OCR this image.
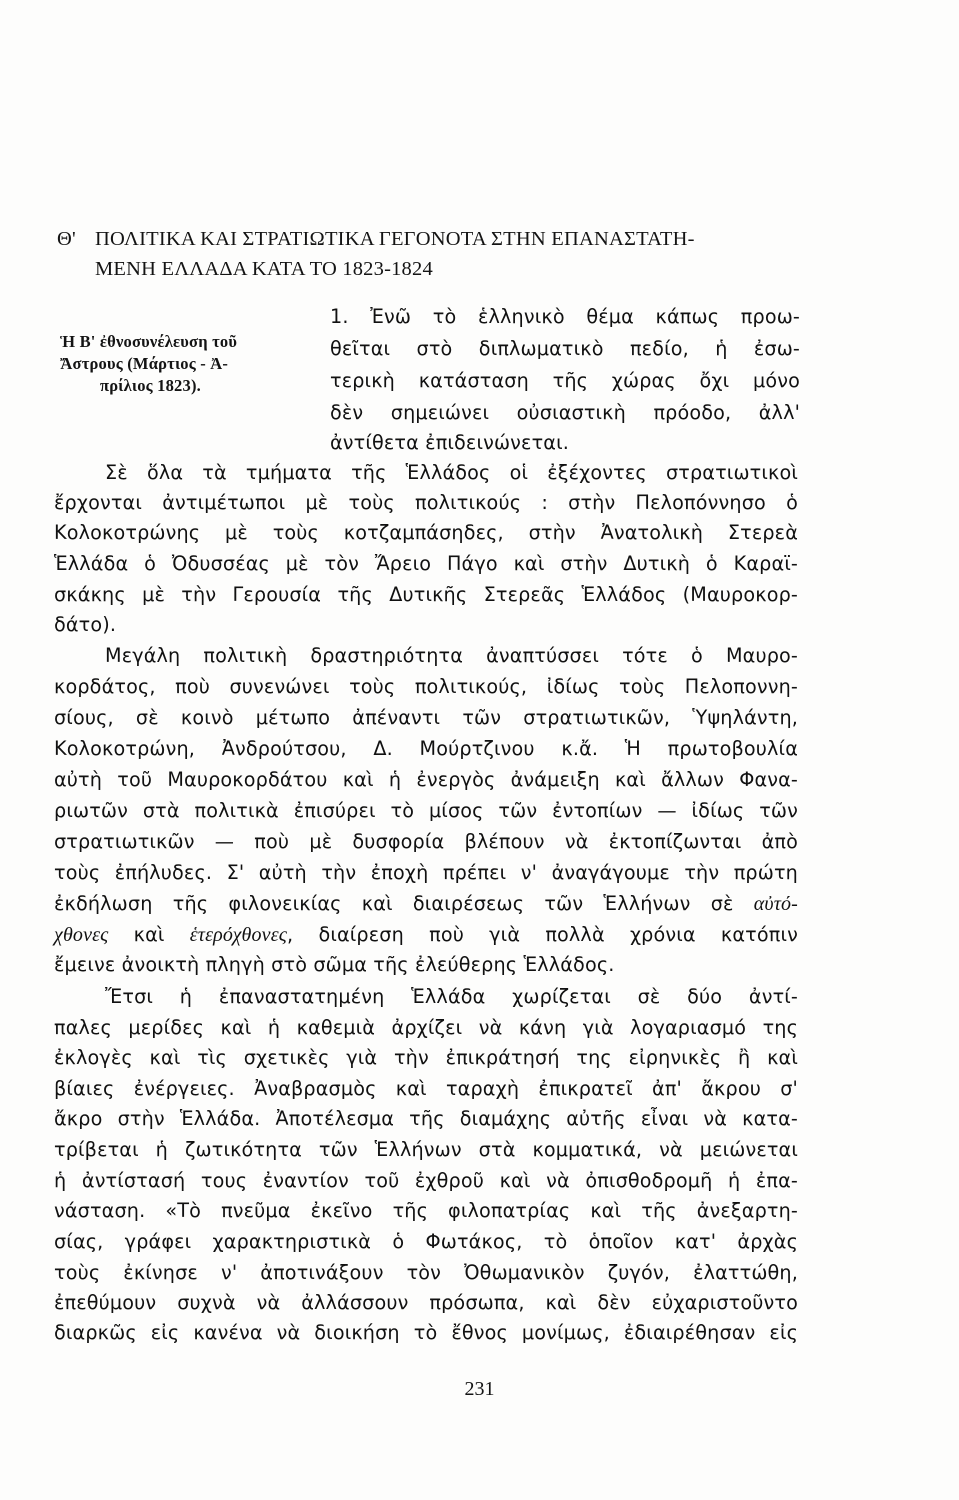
Θ' ΠΟΛΙΤΙΚΑ ΚΑΙ ΣΤΡΑΤΙΩΤΙΚΑ ΓΕΓΟΝΟΤΑ ΣΤΗΝ ΕΠΑΝΑΣΤΑΤΗ-
ΜΕΝΗ ΕΛΛΑΔΑ ΚΑΤΑ ΤΟ 1823-1824
Ἡ Β' ἐθνοσυνέλευση τοῦ
Ἄστρους (Μάρτιος - Ἀ-
πρίλιος 1823).
1. Ἐνῶ τὸ ἑλληνικὸ θέμα κάπως προω-
θεῖται στὸ διπλωματικὸ πεδίο, ἡ ἐσω-
τερικὴ κατάσταση τῆς χώρας ὄχι μόνο
δὲν σημειώνει οὐσιαστικὴ πρόοδο, ἀλλ'
ἀντίθετα ἐπιδεινώνεται.
Σὲ ὅλα τὰ τμήματα τῆς Ἑλλάδος οἱ ἐξέχοντες στρατιωτικοὶ
ἔρχονται ἀντιμέτωποι μὲ τοὺς πολιτικούς : στὴν Πελοπόννησο ὁ
Κολοκοτρώνης μὲ τοὺς κοτζαμπάσηδες, στὴν Ἀνατολικὴ Στερεὰ
Ἑλλάδα ὁ Ὀδυσσέας μὲ τὸν Ἄρειο Πάγο καὶ στὴν Δυτικὴ ὁ Καραϊ-
σκάκης μὲ τὴν Γερουσία τῆς Δυτικῆς Στερεᾶς Ἑλλάδος (Μαυροκορ-
δάτο).
Μεγάλη πολιτικὴ δραστηριότητα ἀναπτύσσει τότε ὁ Μαυρο-
κορδάτος, ποὺ συνενώνει τοὺς πολιτικούς, ἰδίως τοὺς Πελοποννη-
σίους, σὲ κοινὸ μέτωπο ἀπέναντι τῶν στρατιωτικῶν, Ὑψηλάντη,
Κολοκοτρώνη, Ἀνδρούτσου, Δ. Μούρτζινου κ.ἄ. Ἡ πρωτοβουλία
αὐτὴ τοῦ Μαυροκορδάτου καὶ ἡ ἐνεργὸς ἀνάμειξη καὶ ἄλλων Φανα-
ριωτῶν στὰ πολιτικὰ ἐπισύρει τὸ μίσος τῶν ἐντοπίων — ἰδίως τῶν
στρατιωτικῶν — ποὺ μὲ δυσφορία βλέπουν νὰ ἐκτοπίζωνται ἀπὸ
τοὺς ἐπήλυδες. Σ' αὐτὴ τὴν ἐποχὴ πρέπει ν' ἀναγάγουμε τὴν πρώτη
ἐκδήλωση τῆς φιλονεικίας καὶ διαιρέσεως τῶν Ἑλλήνων σὲ αὐτό-
χθονες καὶ ἑτερόχθονες, διαίρεση ποὺ γιὰ πολλὰ χρόνια κατόπιν
ἔμεινε ἀνοικτὴ πληγὴ στὸ σῶμα τῆς ἐλεύθερης Ἑλλάδος.
Ἔτσι ἡ ἐπαναστατημένη Ἑλλάδα χωρίζεται σὲ δύο ἀντί-
παλες μερίδες καὶ ἡ καθεμιὰ ἀρχίζει νὰ κάνη γιὰ λογαριασμό της
ἐκλογὲς καὶ τὶς σχετικὲς γιὰ τὴν ἐπικράτησή της εἰρηνικὲς ἢ καὶ
βίαιες ἐνέργειες. Ἀναβρασμὸς καὶ ταραχὴ ἐπικρατεῖ ἀπ' ἄκρου σ'
ἄκρο στὴν Ἑλλάδα. Ἀποτέλεσμα τῆς διαμάχης αὐτῆς εἶναι νὰ κατα-
τρίβεται ἡ ζωτικότητα τῶν Ἑλλήνων στὰ κομματικά, νὰ μειώνεται
ἡ ἀντίστασή τους ἐναντίον τοῦ ἐχθροῦ καὶ νὰ ὀπισθοδρομῆ ἡ ἐπα-
νάσταση. «Τὸ πνεῦμα ἐκεῖνο τῆς φιλοπατρίας καὶ τῆς ἀνεξαρτη-
σίας, γράφει χαρακτηριστικὰ ὁ Φωτάκος, τὸ ὁποῖον κατ' ἀρχὰς
τοὺς ἐκίνησε ν' ἀποτινάξουν τὸν Ὀθωμανικὸν ζυγόν, ἐλαττώθη,
ἐπεθύμουν συχνὰ νὰ ἀλλάσσουν πρόσωπα, καὶ δὲν εὐχαριστοῦντο
διαρκῶς εἰς κανένα νὰ διοικήση τὸ ἔθνος μονίμως, ἐδιαιρέθησαν εἰς
231
